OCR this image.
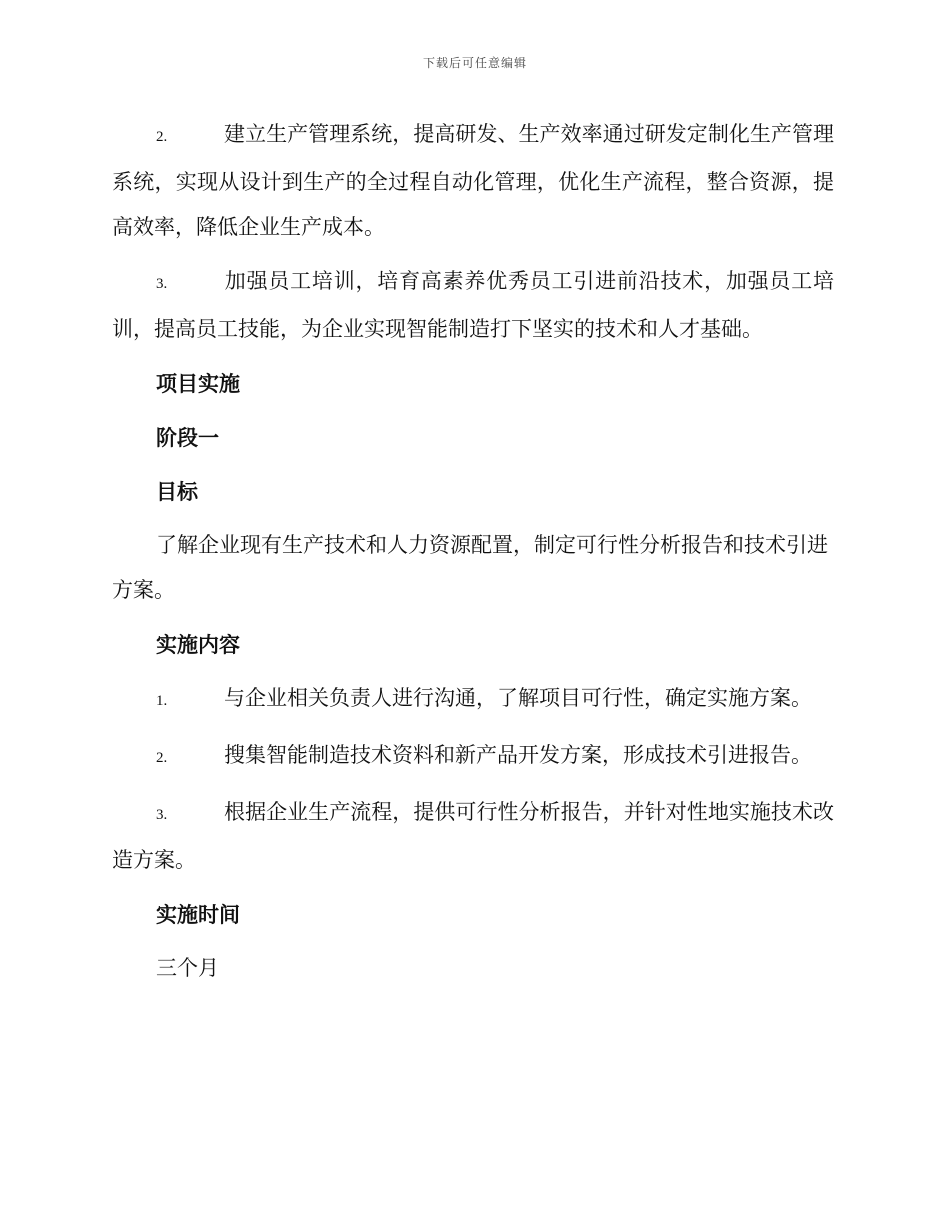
下载后可任意编辑

2.	建立生产管理系统，提高研发、生产效率通过研发定制化生产管理系统，实现从设计到生产的全过程自动化管理，优化生产流程，整合资源，提高效率，降低企业生产成本。

3.	加强员工培训，培育高素养优秀员工引进前沿技术，加强员工培训，提高员工技能，为企业实现智能制造打下坚实的技术和人才基础。

项目实施
阶段一
目标

了解企业现有生产技术和人力资源配置，制定可行性分析报告和技术引进方案。

实施内容

1.	与企业相关负责人进行沟通，了解项目可行性，确定实施方案。

2.	搜集智能制造技术资料和新产品开发方案，形成技术引进报告。

3.	根据企业生产流程，提供可行性分析报告，并针对性地实施技术改造方案。

实施时间

三个月
